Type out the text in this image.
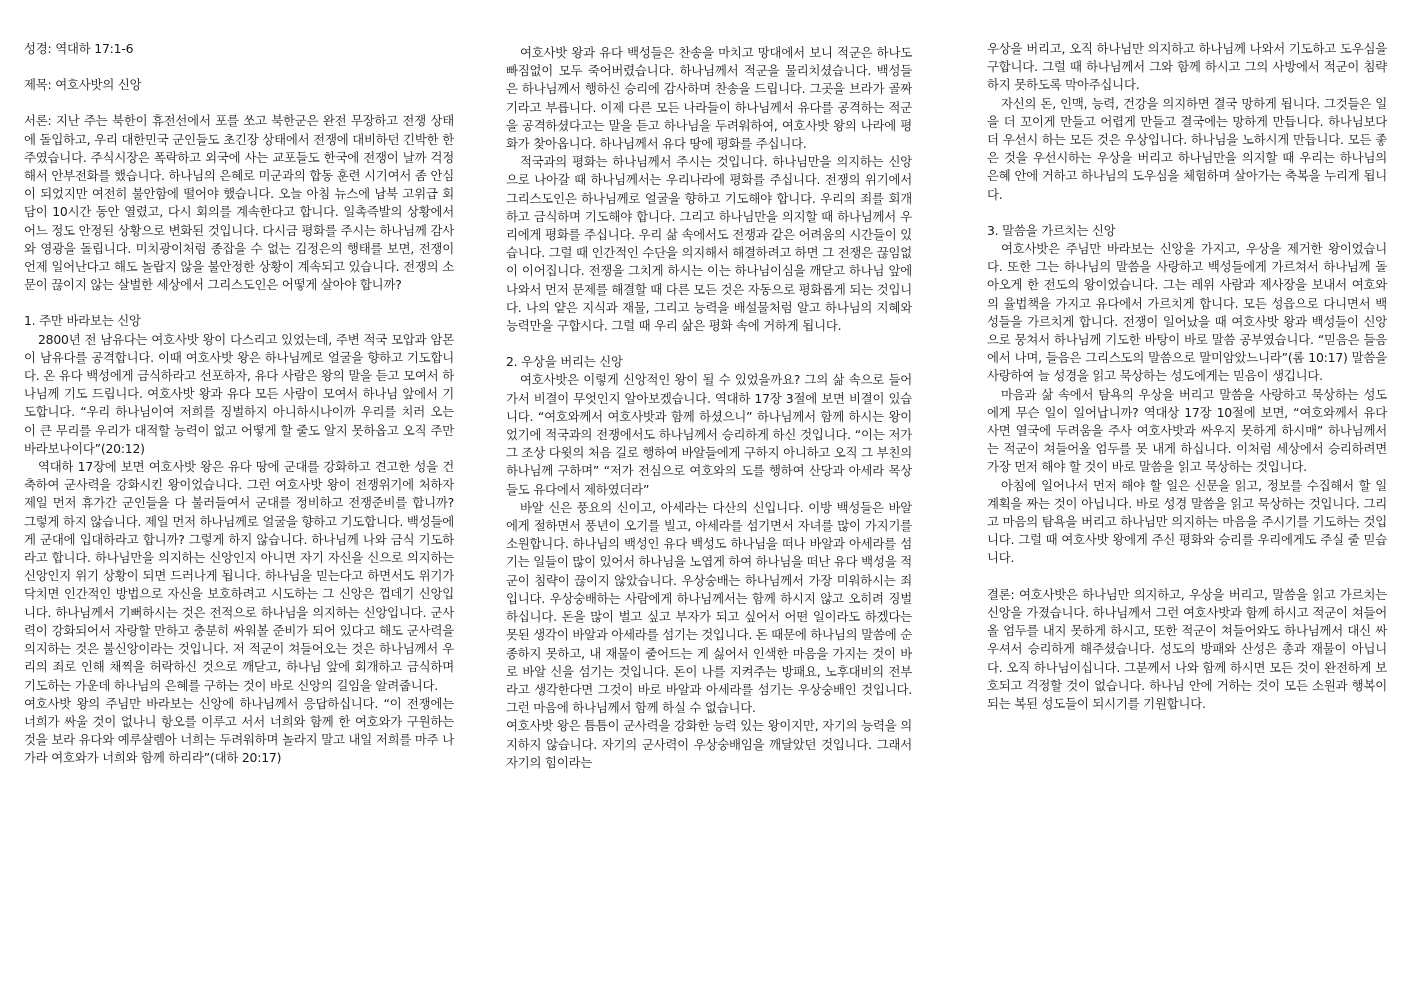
성경: 역대하 17:1-6

제목: 여호사밧의 신앙

서론: 지난 주는 북한이 휴전선에서 포를 쏘고 북한군은 완전 무장하고 전쟁 상태에 돌입하고, 우리 대한민국 군인들도 초긴장 상태에서 전쟁에 대비하던 긴박한 한 주였습니다. 주식시장은 폭락하고 외국에 사는 교포들도 한국에 전쟁이 날까 걱정해서 안부전화를 했습니다. 하나님의 은혜로 미군과의 합동 훈련 시기여서 좀 안심이 되었지만 여전히 불안함에 떨어야 했습니다. 오늘 아침 뉴스에 남북 고위급 회담이 10시간 동안 열렸고, 다시 회의를 계속한다고 합니다. 일촉즉발의 상황에서 어느 정도 안정된 상황으로 변화된 것입니다. 다시금 평화를 주시는 하나님께 감사와 영광을 돌립니다. 미치광이처럼 종잡을 수 없는 김정은의 행태를 보면, 전쟁이 언제 일어난다고 해도 놀랍지 않을 불안정한 상황이 계속되고 있습니다. 전쟁의 소문이 끊이지 않는 살벌한 세상에서 그리스도인은 어떻게 살아야 합니까?

1. 주만 바라보는 신앙

2800년 전 남유다는 여호사밧 왕이 다스리고 있었는데, 주변 적국 모압과 암몬이 남유다를 공격합니다. 이때 여호사밧 왕은 하나님께로 얼굴을 향하고 기도합니다. 온 유다 백성에게 금식하라고 선포하자, 유다 사람은 왕의 말을 듣고 모여서 하나님께 기도 드립니다. 여호사밧 왕과 유다 모든 사람이 모여서 하나님 앞에서 기도합니다. “우리 하나님이여 저희를 징벌하지 아니하시나이까 우리를 치러 오는 이 큰 무리를 우리가 대적할 능력이 없고 어떻게 할 줄도 알지 못하옵고 오직 주만 바라보나이다”(20:12)

역대하 17장에 보면 여호사밧 왕은 유다 땅에 군대를 강화하고 견고한 성을 건축하여 군사력을 강화시킨 왕이었습니다. 그런 여호사밧 왕이 전쟁위기에 처하자 제일 먼저 휴가간 군인들을 다 불러들여서 군대를 정비하고 전쟁준비를 합니까? 그렇게 하지 않습니다. 제일 먼저 하나님께로 얼굴을 향하고 기도합니다. 백성들에게 군대에 입대하라고 합니까? 그렇게 하지 않습니다. 하나님께 나와 금식 기도하라고 합니다. 하나님만을 의지하는 신앙인지 아니면 자기 자신을 신으로 의지하는 신앙인지 위기 상황이 되면 드러나게 됩니다. 하나님을 믿는다고 하면서도 위기가 닥치면 인간적인 방법으로 자신을 보호하려고 시도하는 그 신앙은 껍데기 신앙입니다. 하나님께서 기뻐하시는 것은 전적으로 하나님을 의지하는 신앙입니다. 군사력이 강화되어서 자랑할 만하고 충분히 싸워볼 준비가 되어 있다고 해도 군사력을 의지하는 것은 불신앙이라는 것입니다. 저 적군이 쳐들어오는 것은 하나님께서 우리의 죄로 인해 채찍을 허락하신 것으로 깨닫고, 하나님 앞에 회개하고 금식하며 기도하는 가운데 하나님의 은혜를 구하는 것이 바로 신앙의 길임을 알려줍니다.

여호사밧 왕의 주님만 바라보는 신앙에 하나님께서 응답하십니다. “이 전쟁에는 너희가 싸울 것이 없나니 항오를 이루고 서서 너희와 함께 한 여호와가 구원하는 것을 보라 유다와 예루살렘아 너희는 두려워하며 놀라지 말고 내일 저희를 마주 나가라 여호와가 너희와 함께 하리라”(대하 20:17)

여호사밧 왕과 유다 백성들은 찬송을 마치고 망대에서 보니 적군은 하나도 빠짐없이 모두 죽어버렸습니다. 하나님께서 적군을 물리치셨습니다. 백성들은 하나님께서 행하신 승리에 감사하며 찬송을 드립니다. 그곳을 브라가 골짜기라고 부릅니다. 이제 다른 모든 나라들이 하나님께서 유다를 공격하는 적군을 공격하셨다고는 말을 듣고 하나님을 두려워하여, 여호사밧 왕의 나라에 평화가 찾아옵니다. 하나님께서 유다 땅에 평화를 주십니다.

적국과의 평화는 하나님께서 주시는 것입니다. 하나님만을 의지하는 신앙으로 나아갈 때 하나님께서는 우리나라에 평화를 주십니다. 전쟁의 위기에서 그리스도인은 하나님께로 얼굴을 향하고 기도해야 합니다. 우리의 죄를 회개하고 금식하며 기도해야 합니다. 그리고 하나님만을 의지할 때 하나님께서 우리에게 평화를 주십니다. 우리 삶 속에서도 전쟁과 같은 어려움의 시간들이 있습니다. 그럴 때 인간적인 수단을 의지해서 해결하려고 하면 그 전쟁은 끊임없이 이어집니다. 전쟁을 그치게 하시는 이는 하나님이심을 깨닫고 하나님 앞에 나와서 먼저 문제를 해결할 때 다른 모든 것은 자동으로 평화롭게 되는 것입니다. 나의 얕은 지식과 재물, 그리고 능력을 배설물처럼 알고 하나님의 지혜와 능력만을 구합시다. 그럴 때 우리 삶은 평화 속에 거하게 됩니다.

2. 우상을 버리는 신앙

여호사밧은 이렇게 신앙적인 왕이 될 수 있었을까요? 그의 삶 속으로 들어가서 비결이 무엇인지 알아보겠습니다. 역대하 17장 3절에 보면 비결이 있습니다. “여호와께서 여호사밧과 함께 하셨으니” 하나님께서 함께 하시는 왕이었기에 적국과의 전쟁에서도 하나님께서 승리하게 하신 것입니다. “이는 저가 그 조상 다윗의 처음 길로 행하여 바알들에게 구하지 아니하고 오직 그 부친의 하나님께 구하며” “저가 전심으로 여호와의 도를 행하여 산당과 아세라 목상들도 유다에서 제하였더라”

바알 신은 풍요의 신이고, 아세라는 다산의 신입니다. 이방 백성들은 바알에게 절하면서 풍년이 오기를 빌고, 아세라를 섬기면서 자녀를 많이 가지기를 소원합니다. 하나님의 백성인 유다 백성도 하나님을 떠나 바알과 아세라를 섬기는 일들이 많이 있어서 하나님을 노엽게 하여 하나님을 떠난 유다 백성을 적군이 침략이 끊이지 않았습니다. 우상숭배는 하나님께서 가장 미워하시는 죄입니다. 우상숭배하는 사람에게 하나님께서는 함께 하시지 않고 오히려 징벌하십니다. 돈을 많이 벌고 싶고 부자가 되고 싶어서 어떤 일이라도 하겠다는 못된 생각이 바알과 아세라를 섬기는 것입니다. 돈 때문에 하나님의 말씀에 순종하지 못하고, 내 재물이 줄어드는 게 싫어서 인색한 마음을 가지는 것이 바로 바알 신을 섬기는 것입니다. 돈이 나를 지켜주는 방패요, 노후대비의 전부라고 생각한다면 그것이 바로 바알과 아세라를 섬기는 우상숭배인 것입니다. 그런 마음에 하나님께서 함께 하실 수 없습니다.

여호사밧 왕은 틈틈이 군사력을 강화한 능력 있는 왕이지만, 자기의 능력을 의지하지 않습니다. 자기의 군사력이 우상숭배임을 깨달았던 것입니다. 그래서 자기의 힘이라는

우상을 버리고, 오직 하나님만 의지하고 하나님께 나와서 기도하고 도우심을 구합니다. 그럴 때 하나님께서 그와 함께 하시고 그의 사방에서 적군이 침략하지 못하도록 막아주십니다.

자신의 돈, 인맥, 능력, 건강을 의지하면 결국 망하게 됩니다. 그것들은 일을 더 꼬이게 만들고 어렵게 만들고 결국에는 망하게 만듭니다. 하나님보다 더 우선시 하는 모든 것은 우상입니다. 하나님을 노하시게 만듭니다. 모든 좋은 것을 우선시하는 우상을 버리고 하나님만을 의지할 때 우리는 하나님의 은혜 안에 거하고 하나님의 도우심을 체험하며 살아가는 축복을 누리게 됩니다.

3. 말씀을 가르치는 신앙

여호사밧은 주님만 바라보는 신앙을 가지고, 우상을 제거한 왕이었습니다. 또한 그는 하나님의 말씀을 사랑하고 백성들에게 가르쳐서 하나님께 돌아오게 한 전도의 왕이었습니다. 그는 레위 사람과 제사장을 보내서 여호와의 율법책을 가지고 유다에서 가르치게 합니다. 모든 성읍으로 다니면서 백성들을 가르치게 합니다. 전쟁이 일어났을 때 여호사밧 왕과 백성들이 신앙으로 뭉쳐서 하나님께 기도한 바탕이 바로 말씀 공부였습니다. “믿음은 들음에서 나며, 들음은 그리스도의 말씀으로 말미암았느니라”(롬 10:17) 말씀을 사랑하여 늘 성경을 읽고 묵상하는 성도에게는 믿음이 생깁니다.

마음과 삶 속에서 탐욕의 우상을 버리고 말씀을 사랑하고 묵상하는 성도에게 무슨 일이 일어납니까? 역대상 17장 10절에 보면, “여호와께서 유다 사면 열국에 두려움을 주사 여호사밧과 싸우지 못하게 하시매” 하나님께서는 적군이 쳐들어올 엄두를 못 내게 하십니다. 이처럼 세상에서 승리하려면 가장 먼저 해야 할 것이 바로 말씀을 읽고 묵상하는 것입니다.

아침에 일어나서 먼저 해야 할 일은 신문을 읽고, 정보를 수집해서 할 일 계획을 짜는 것이 아닙니다. 바로 성경 말씀을 읽고 묵상하는 것입니다. 그리고 마음의 탐욕을 버리고 하나님만 의지하는 마음을 주시기를 기도하는 것입니다. 그럴 때 여호사밧 왕에게 주신 평화와 승리를 우리에게도 주실 줄 믿습니다.

결론: 여호사밧은 하나님만 의지하고, 우상을 버리고, 말씀을 읽고 가르치는 신앙을 가졌습니다. 하나님께서 그런 여호사밧과 함께 하시고 적군이 쳐들어올 엄두를 내지 못하게 하시고, 또한 적군이 쳐들어와도 하나님께서 대신 싸우셔서 승리하게 해주셨습니다. 성도의 방패와 산성은 총과 재물이 아닙니다. 오직 하나님이십니다. 그분께서 나와 함께 하시면 모든 것이 완전하게 보호되고 걱정할 것이 없습니다. 하나님 안에 거하는 것이 모든 소원과 행복이 되는 복된 성도들이 되시기를 기원합니다.
